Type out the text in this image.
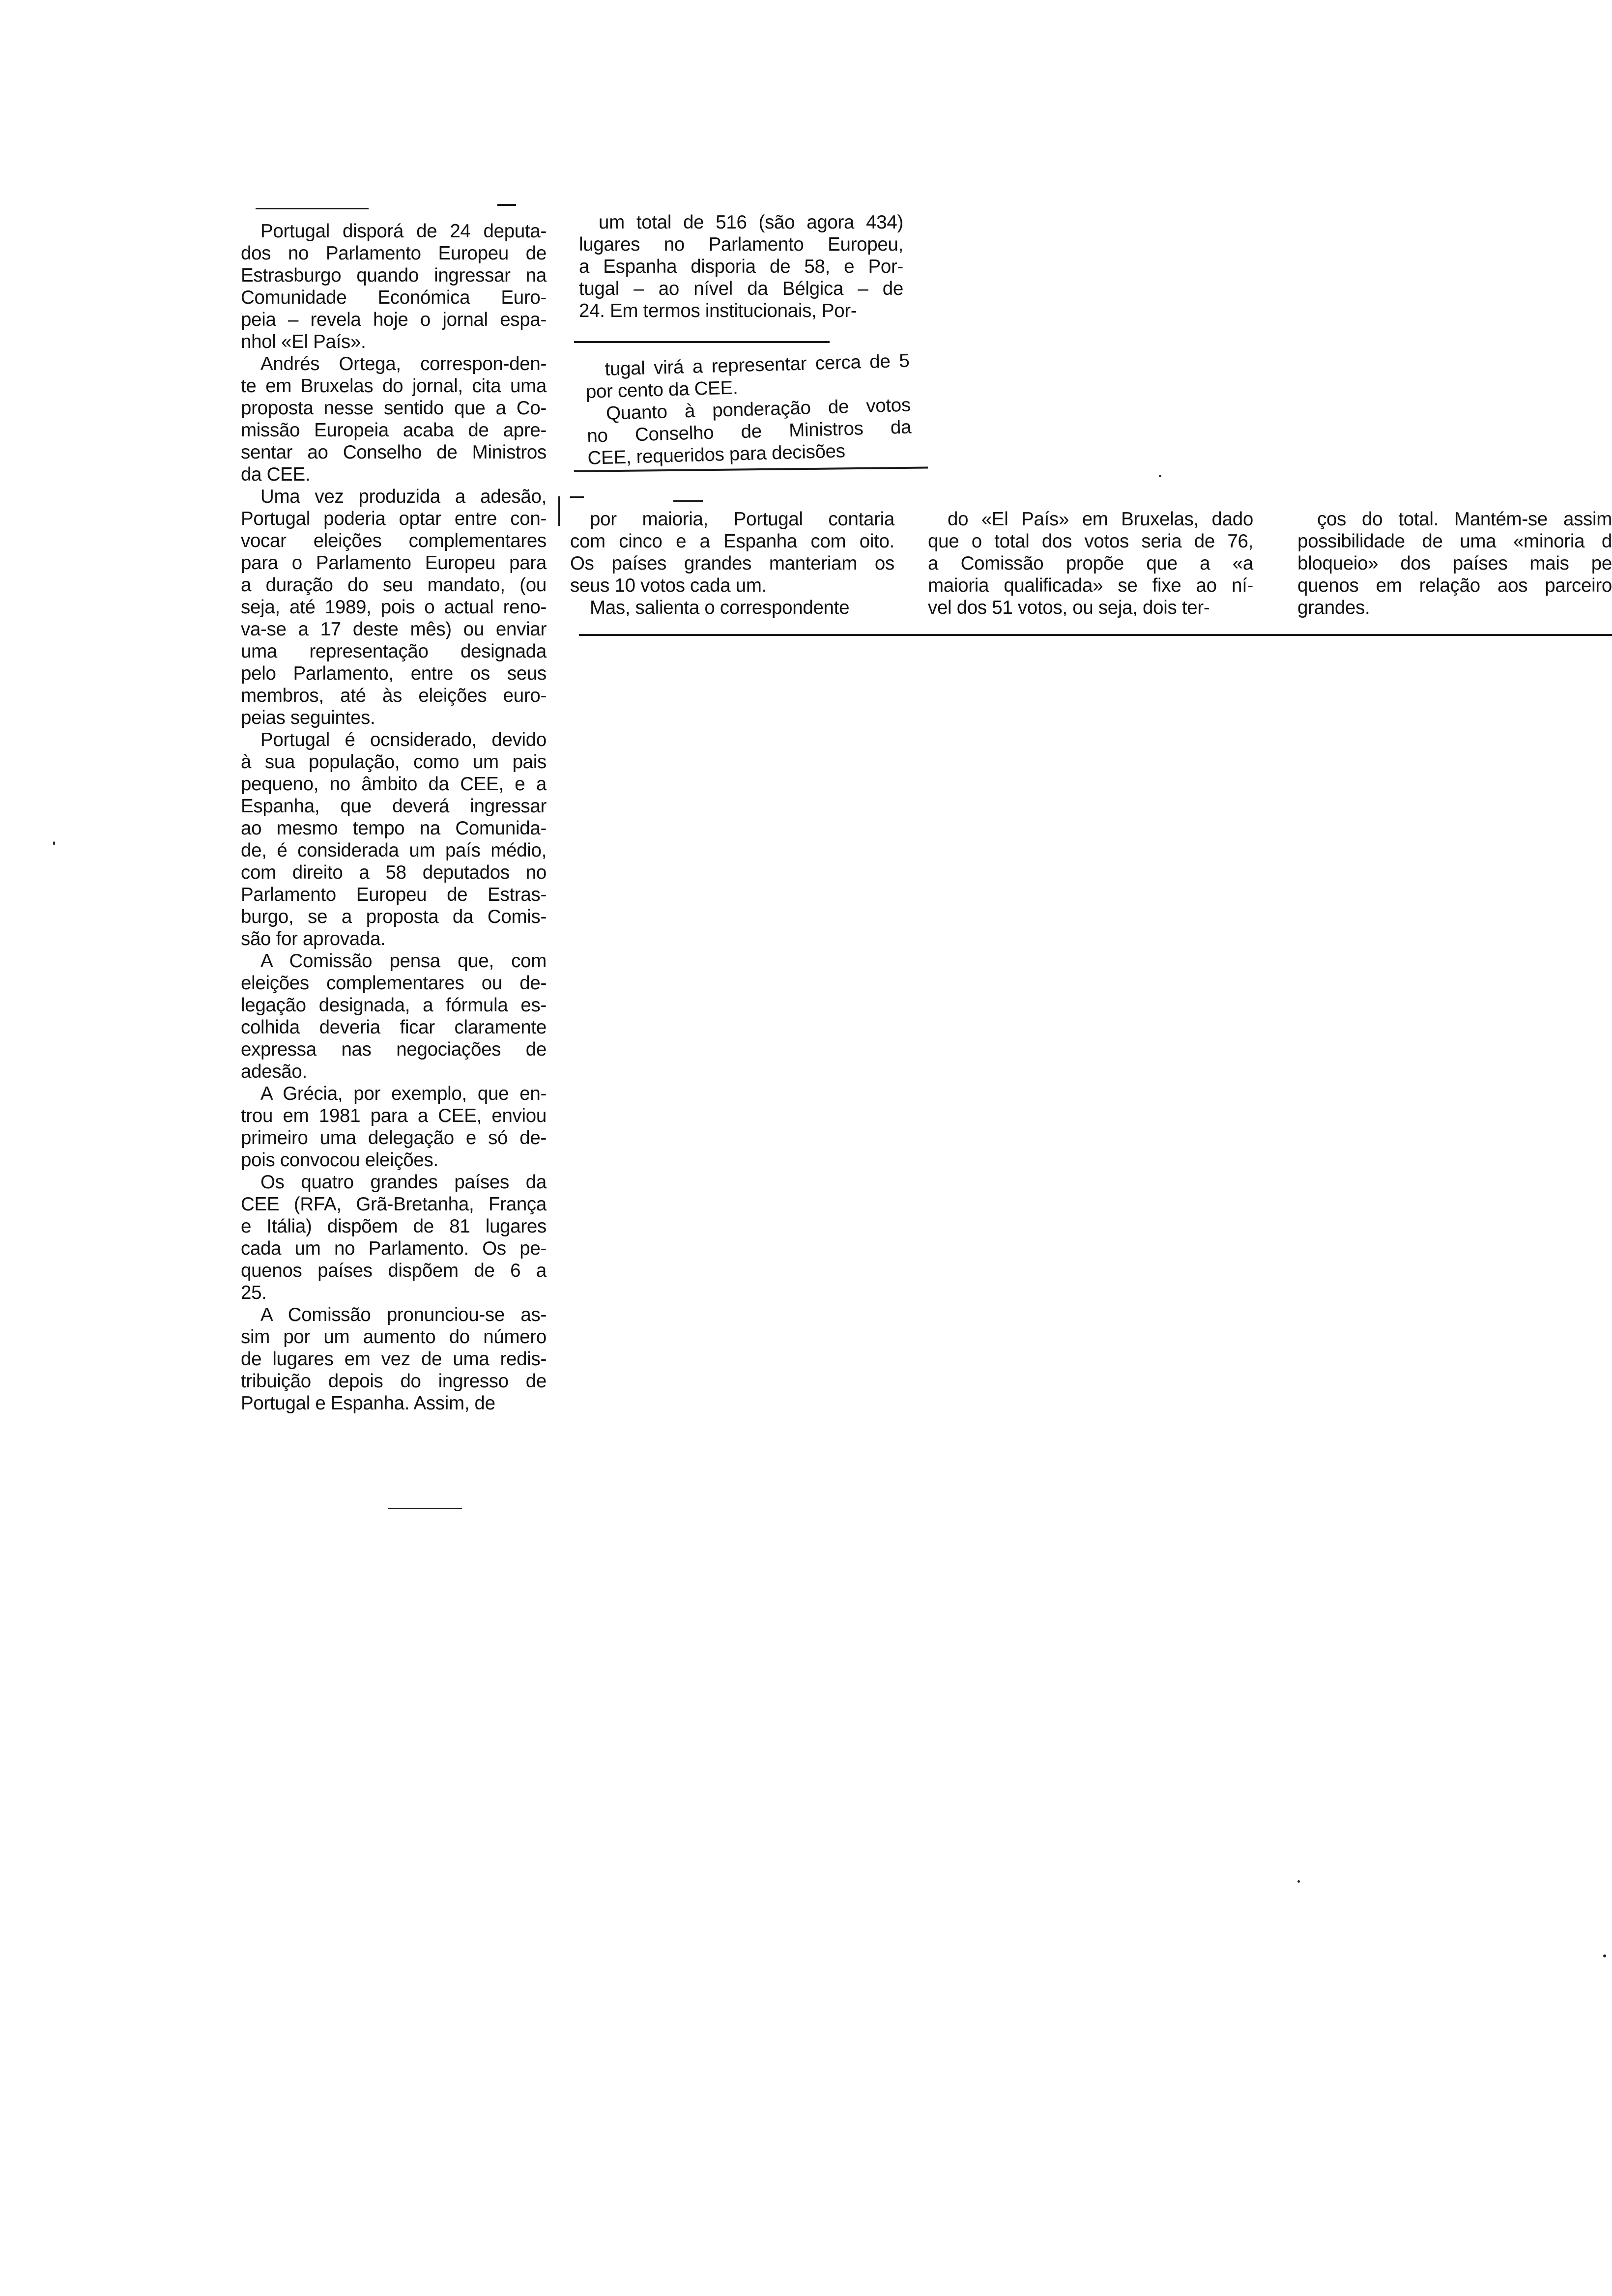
Portugal disporá de 24 deputa-
dos no Parlamento Europeu de
Estrasburgo quando ingressar na
Comunidade Económica Euro-
peia – revela hoje o jornal espa-
nhol «El País».

Andrés Ortega, correspon-den-
te em Bruxelas do jornal, cita uma
proposta nesse sentido que a Co-
missão Europeia acaba de apre-
sentar ao Conselho de Ministros
da CEE.

Uma vez produzida a adesão,
Portugal poderia optar entre con-
vocar eleições complementares
para o Parlamento Europeu para
a duração do seu mandato, (ou
seja, até 1989, pois o actual reno-
va-se a 17 deste mês) ou enviar
uma representação designada
pelo Parlamento, entre os seus
membros, até às eleições euro-
peias seguintes.

Portugal é ocnsiderado, devido
à sua população, como um pais
pequeno, no âmbito da CEE, e a
Espanha, que deverá ingressar
ao mesmo tempo na Comunida-
de, é considerada um país médio,
com direito a 58 deputados no
Parlamento Europeu de Estras-
burgo, se a proposta da Comis-
são for aprovada.

A Comissão pensa que, com
eleições complementares ou de-
legação designada, a fórmula es-
colhida deveria ficar claramente
expressa nas negociações de
adesão.

A Grécia, por exemplo, que en-
trou em 1981 para a CEE, enviou
primeiro uma delegação e só de-
pois convocou eleições.

Os quatro grandes países da
CEE (RFA, Grã-Bretanha, França
e Itália) dispõem de 81 lugares
cada um no Parlamento. Os pe-
quenos países dispõem de 6 a
25.

A Comissão pronunciou-se as-
sim por um aumento do número
de lugares em vez de uma redis-
tribuição depois do ingresso de
Portugal e Espanha. Assim, de

um total de 516 (são agora 434)
lugares no Parlamento Europeu,
a Espanha disporia de 58, e Por-
tugal – ao nível da Bélgica – de
24. Em termos institucionais, Por-

tugal virá a representar cerca de 5
por cento da CEE.

Quanto à ponderação de votos
no Conselho de Ministros da
CEE, requeridos para decisões

por maioria, Portugal contaria
com cinco e a Espanha com oito.
Os países grandes manteriam os
seus 10 votos cada um.

Mas, salienta o correspondente

do «El País» em Bruxelas, dado
que o total dos votos seria de 76,
a Comissão propõe que a «a
maioria qualificada» se fixe ao ní-
vel dos 51 votos, ou seja, dois ter-

ços do total. Mantém-se assim
possibilidade de uma «minoria d
bloqueio» dos países mais pe
quenos em relação aos parceiro
grandes.
